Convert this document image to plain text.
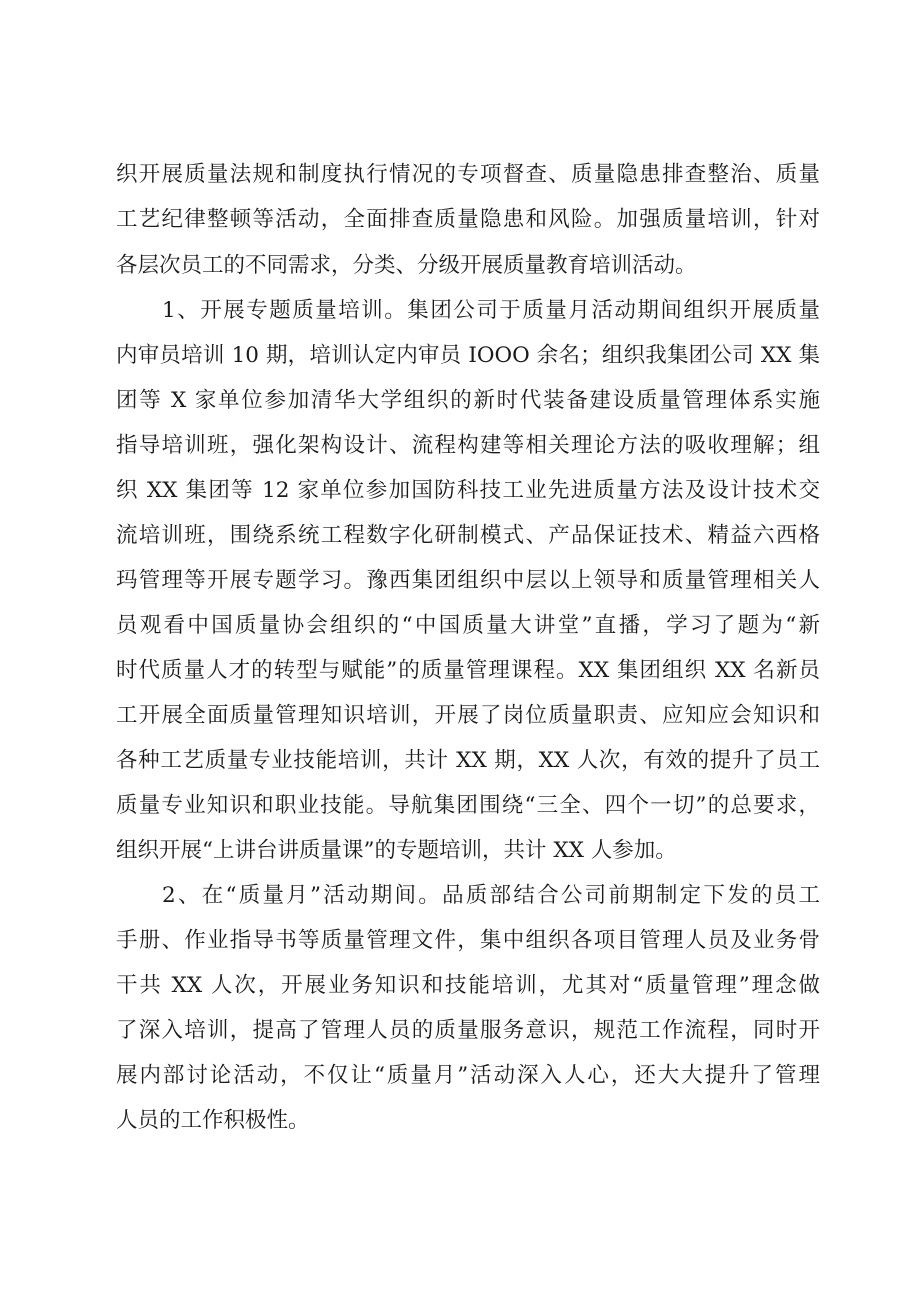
织开展质量法规和制度执行情况的专项督查、质量隐患排查整治、质量
工艺纪律整顿等活动，全面排查质量隐患和风险。加强质量培训，针对
各层次员工的不同需求，分类、分级开展质量教育培训活动。
1、开展专题质量培训。集团公司于质量月活动期间组织开展质量
内审员培训 10 期，培训认定内审员 IOOO 余名；组织我集团公司 XX 集
团等 X 家单位参加清华大学组织的新时代装备建设质量管理体系实施
指导培训班，强化架构设计、流程构建等相关理论方法的吸收理解；组
织 XX 集团等 12 家单位参加国防科技工业先进质量方法及设计技术交
流培训班，围绕系统工程数字化研制模式、产品保证技术、精益六西格
玛管理等开展专题学习。豫西集团组织中层以上领导和质量管理相关人
员观看中国质量协会组织的“中国质量大讲堂”直播，学习了题为“新
时代质量人才的转型与赋能”的质量管理课程。XX 集团组织 XX 名新员
工开展全面质量管理知识培训，开展了岗位质量职责、应知应会知识和
各种工艺质量专业技能培训，共计 XX 期，XX 人次，有效的提升了员工
质量专业知识和职业技能。导航集团围绕“三全、四个一切”的总要求，
组织开展“上讲台讲质量课”的专题培训，共计 XX 人参加。
2、在“质量月”活动期间。品质部结合公司前期制定下发的员工
手册、作业指导书等质量管理文件，集中组织各项目管理人员及业务骨
干共 XX 人次，开展业务知识和技能培训，尤其对“质量管理”理念做
了深入培训，提高了管理人员的质量服务意识，规范工作流程，同时开
展内部讨论活动，不仅让“质量月”活动深入人心，还大大提升了管理
人员的工作积极性。
